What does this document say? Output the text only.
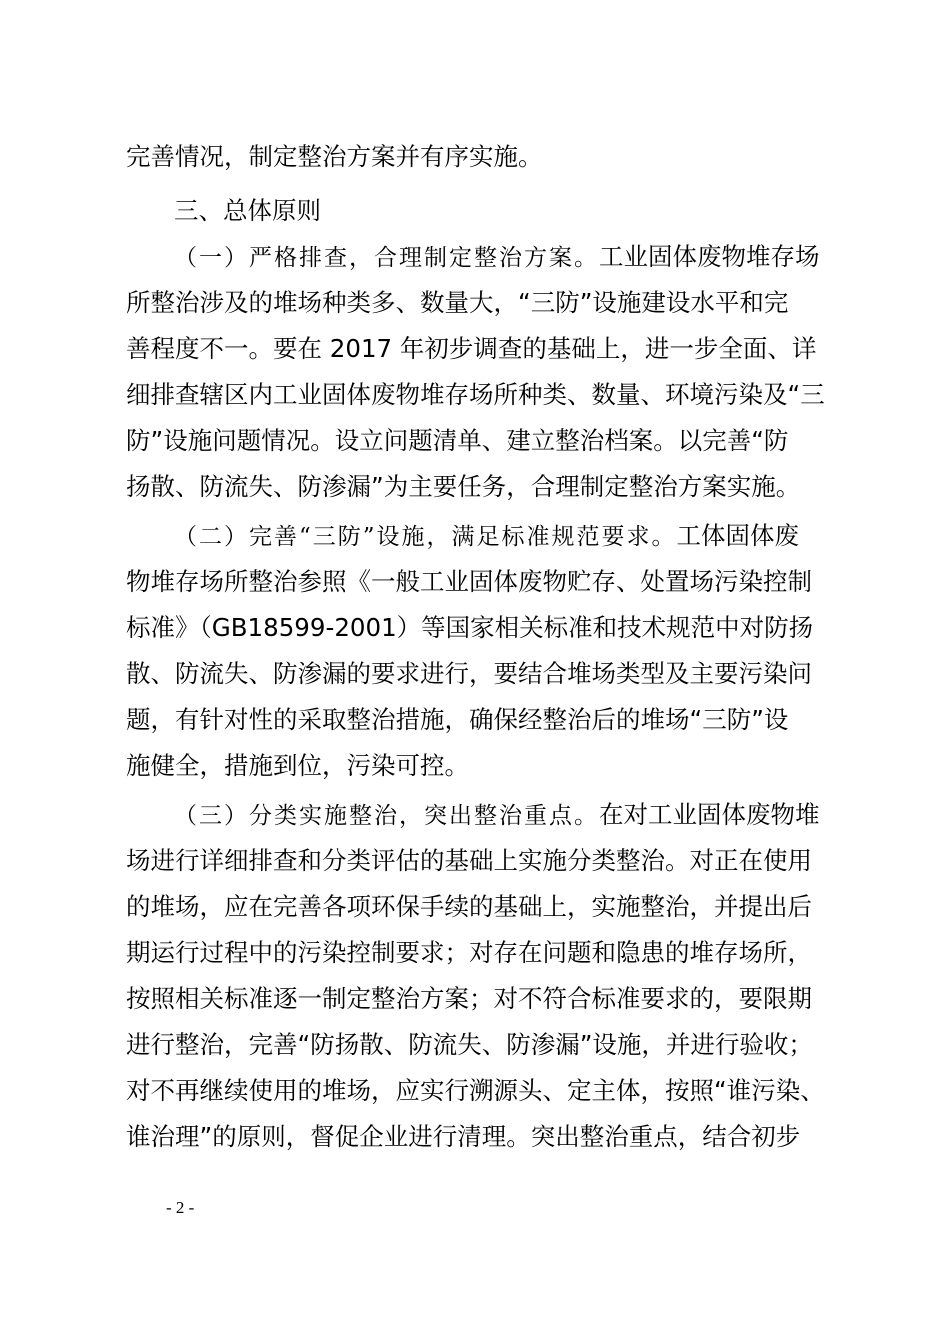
完善情况，制定整治方案并有序实施。
三、总体原则
（一）严格排查，合理制定整治方案。工业固体废物堆存场
所整治涉及的堆场种类多、数量大，“三防”设施建设水平和完
善程度不一。要在 2017 年初步调查的基础上，进一步全面、详
细排查辖区内工业固体废物堆存场所种类、数量、环境污染及“三
防”设施问题情况。设立问题清单、建立整治档案。以完善“防
扬散、防流失、防渗漏”为主要任务，合理制定整治方案实施。
（二）完善“三防”设施，满足标准规范要求。工体固体废
物堆存场所整治参照《一般工业固体废物贮存、处置场污染控制
标准》（GB18599-2001）等国家相关标准和技术规范中对防扬
散、防流失、防渗漏的要求进行，要结合堆场类型及主要污染问
题，有针对性的采取整治措施，确保经整治后的堆场“三防”设
施健全，措施到位，污染可控。
（三）分类实施整治，突出整治重点。在对工业固体废物堆
场进行详细排查和分类评估的基础上实施分类整治。对正在使用
的堆场，应在完善各项环保手续的基础上，实施整治，并提出后
期运行过程中的污染控制要求；对存在问题和隐患的堆存场所，
按照相关标准逐一制定整治方案；对不符合标准要求的，要限期
进行整治，完善“防扬散、防流失、防渗漏”设施，并进行验收；
对不再继续使用的堆场，应实行溯源头、定主体，按照“谁污染、
谁治理”的原则，督促企业进行清理。突出整治重点，结合初步
- 2 -
